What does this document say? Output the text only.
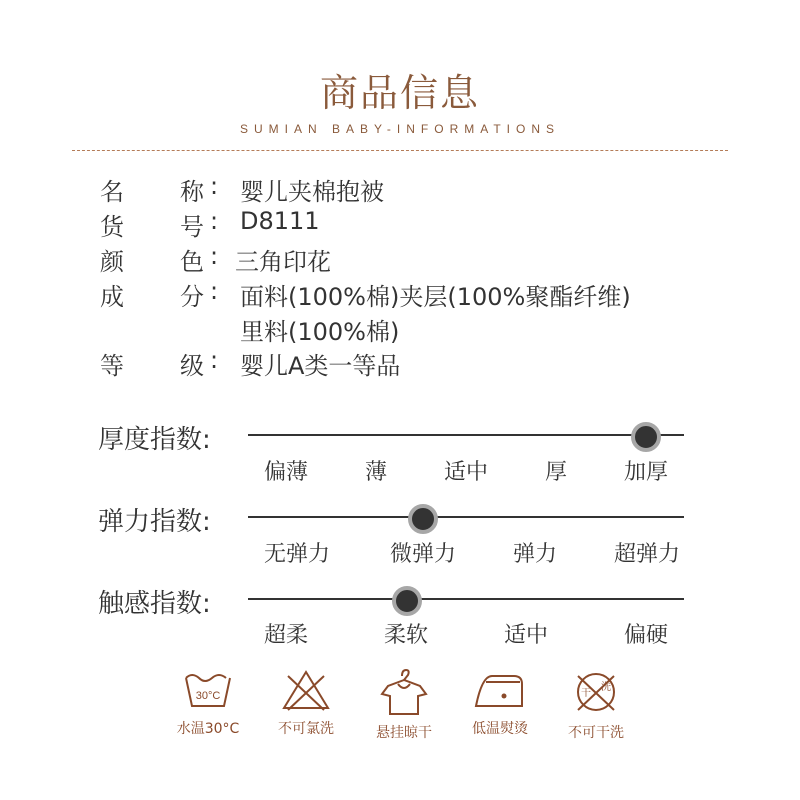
商品信息
SUMIAN BABY-INFORMATIONS
名	称 : 婴儿夹棉抱被
货	号 : D8111
颜	色 : 三角印花
成	分 : 面料(100%棉)夹层(100%聚酯纤维)
里料(100%棉)
等	级 : 婴儿A类一等品
厚度指数:
偏薄	薄	适中	厚	加厚
弹力指数:
无弹力	微弹力	弹力	超弹力
触感指数:
超柔	柔软	适中	偏硬
30°C
水温30°C	不可氯洗	悬挂晾干	低温熨烫
干
洗
不可干洗
